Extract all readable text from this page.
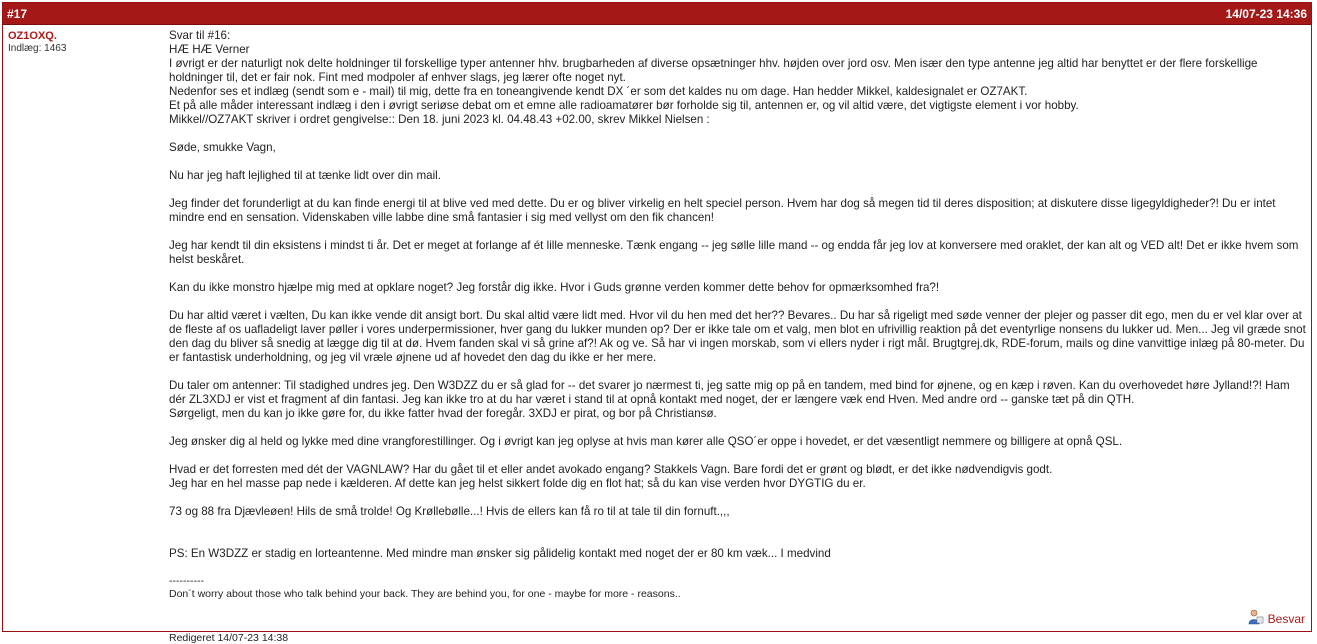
#17	14/07-23 14:36
OZ1OXQ.
Indlæg: 1463

Svar til #16:

HÆ HÆ Verner

I øvrigt er der naturligt nok delte holdninger til forskellige typer antenner hhv. brugbarheden af diverse opsætninger hhv. højden over jord osv. Men især den type antenne jeg altid har benyttet er der flere forskellige holdninger til, det er fair nok. Fint med modpoler af enhver slags, jeg lærer ofte noget nyt.

Nedenfor ses et indlæg (sendt som e - mail) til mig, dette fra en toneangivende kendt DX ´er som det kaldes nu om dage. Han hedder Mikkel, kaldesignalet er OZ7AKT.

Et på alle måder interessant indlæg i den i øvrigt seriøse debat om et emne alle radioamatører bør forholde sig til, antennen er, og vil altid være, det vigtigste element i vor hobby.

Mikkel//OZ7AKT skriver i ordret gengivelse:: Den 18. juni 2023 kl. 04.48.43 +02.00, skrev Mikkel Nielsen :

Søde, smukke Vagn,

Nu har jeg haft lejlighed til at tænke lidt over din mail.

Jeg finder det forunderligt at du kan finde energi til at blive ved med dette. Du er og bliver virkelig en helt speciel person. Hvem har dog så megen tid til deres disposition; at diskutere disse ligegyldigheder?! Du er intet mindre end en sensation. Videnskaben ville labbe dine små fantasier i sig med vellyst om den fik chancen!

Jeg har kendt til din eksistens i mindst ti år. Det er meget at forlange af ét lille menneske. Tænk engang -- jeg sølle lille mand -- og endda får jeg lov at konversere med oraklet, der kan alt og VED alt! Det er ikke hvem som helst beskåret.

Kan du ikke monstro hjælpe mig med at opklare noget? Jeg forstår dig ikke. Hvor i Guds grønne verden kommer dette behov for opmærksomhed fra?!

Du har altid været i vælten, Du kan ikke vende dit ansigt bort. Du skal altid være lidt med. Hvor vil du hen med det her?? Bevares.. Du har så rigeligt med søde venner der plejer og passer dit ego, men du er vel klar over at de fleste af os uafladeligt laver pøller i vores underpermissioner, hver gang du lukker munden op? Der er ikke tale om et valg, men blot en ufrivillig reaktion på det eventyrlige nonsens du lukker ud. Men... Jeg vil græde snot den dag du bliver så snedig at lægge dig til at dø. Hvem fanden skal vi så grine af?! Ak og ve. Så har vi ingen morskab, som vi ellers nyder i rigt mål. Brugtgrej.dk, RDE-forum, mails og dine vanvittige inlæg på 80-meter. Du er fantastisk underholdning, og jeg vil vræle øjnene ud af hovedet den dag du ikke er her mere.

Du taler om antenner: Til stadighed undres jeg. Den W3DZZ du er så glad for -- det svarer jo nærmest ti, jeg satte mig op på en tandem, med bind for øjnene, og en kæp i røven. Kan du overhovedet høre Jylland!?! Ham dér ZL3XDJ er vist et fragment af din fantasi. Jeg kan ikke tro at du har været i stand til at opnå kontakt med noget, der er længere væk end Hven. Med andre ord -- ganske tæt på din QTH.
Sørgeligt, men du kan jo ikke gøre for, du ikke fatter hvad der foregår. 3XDJ er pirat, og bor på Christiansø.

Jeg ønsker dig al held og lykke med dine vrangforestillinger. Og i øvrigt kan jeg oplyse at hvis man kører alle QSO´er oppe i hovedet, er det væsentligt nemmere og billigere at opnå QSL.

Hvad er det forresten med dét der VAGNLAW? Har du gået til et eller andet avokado engang? Stakkels Vagn. Bare fordi det er grønt og blødt, er det ikke nødvendigvis godt.
Jeg har en hel masse pap nede i kælderen. Af dette kan jeg helst sikkert folde dig en flot hat; så du kan vise verden hvor DYGTIG du er.

73 og 88 fra Djævleøen! Hils de små trolde! Og Krøllebølle...! Hvis de ellers kan få ro til at tale til din fornuft.,,,

PS: En W3DZZ er stadig en lorteantenne. Med mindre man ønsker sig pålidelig kontakt med noget der er 80 km væk... I medvind

----------

Don´t worry about those who talk behind your back. They are behind you, for one - maybe for more - reasons..

Redigeret 14/07-23 14:38
Besvar
